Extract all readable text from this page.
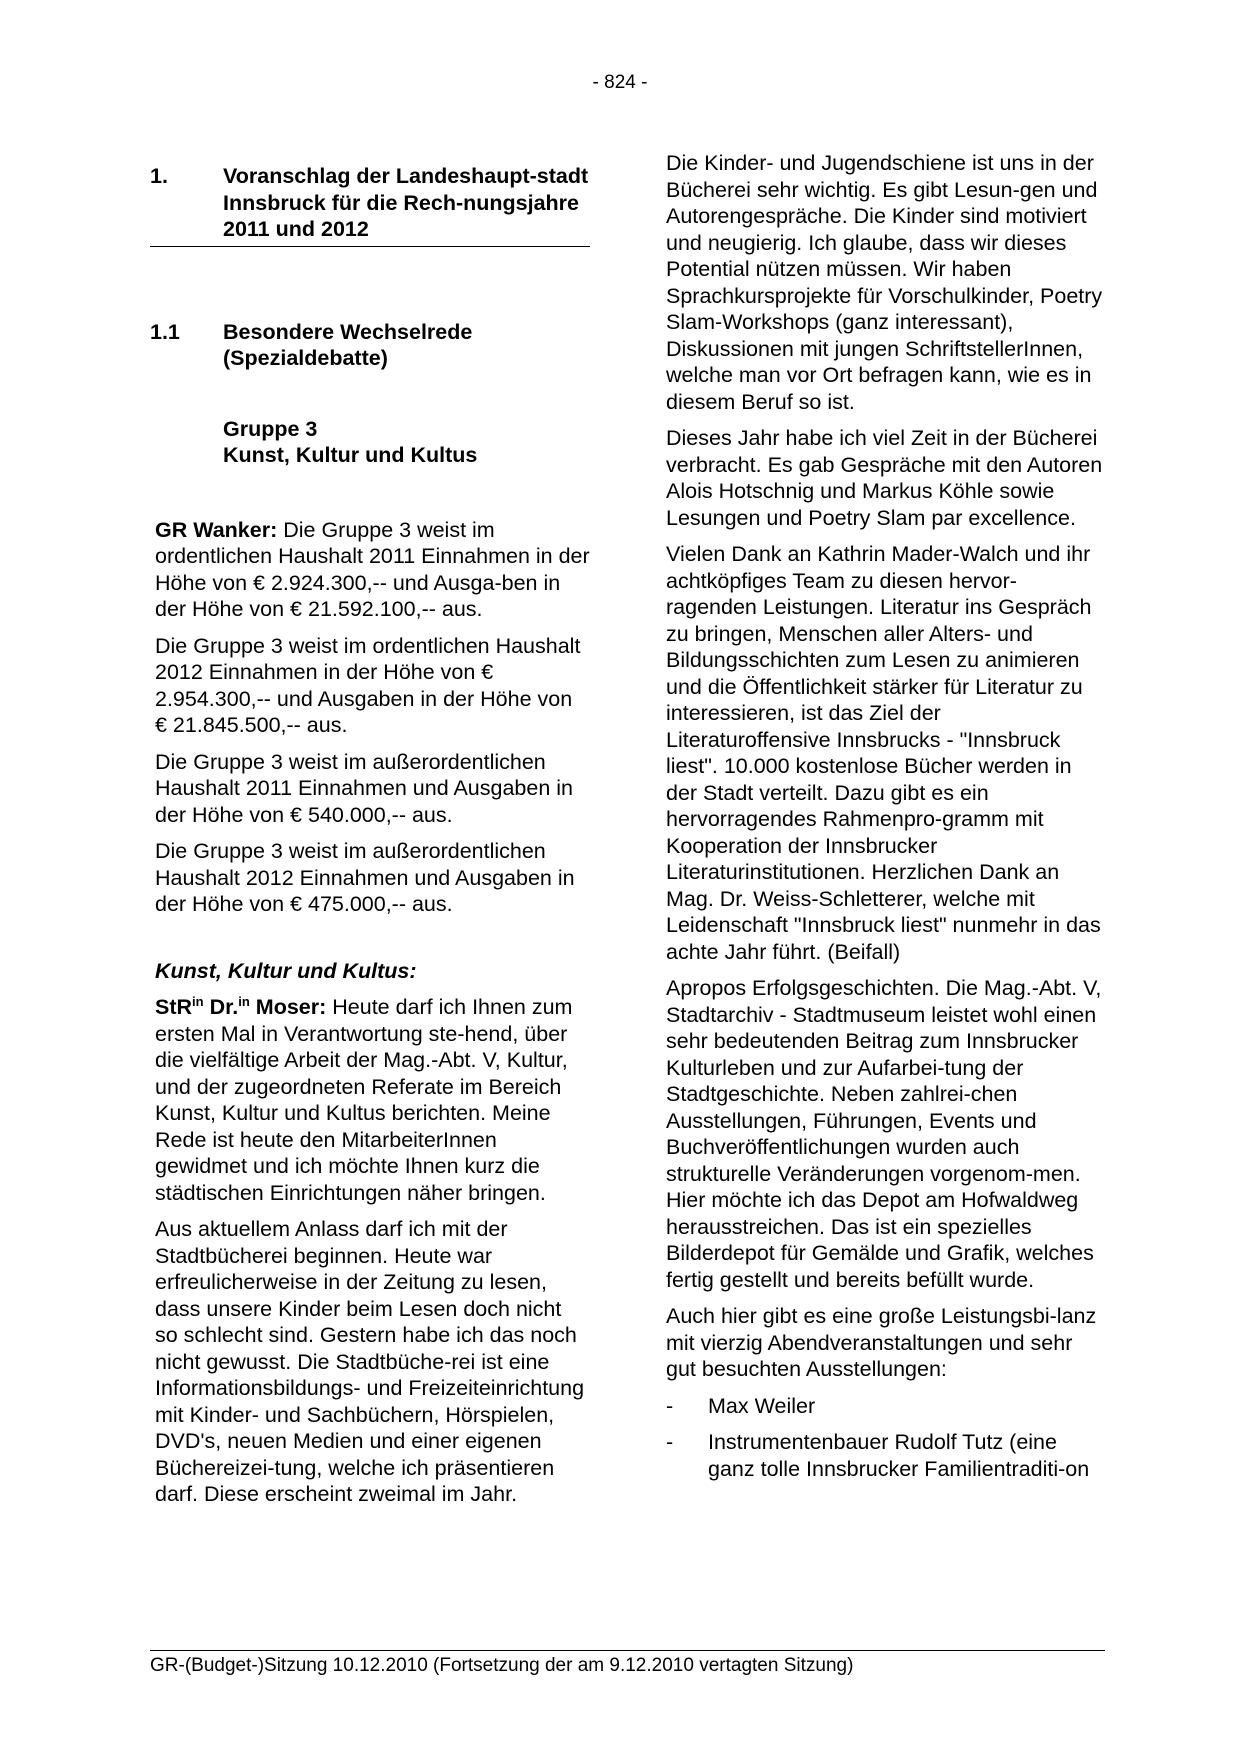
- 824 -
1.	Voranschlag der Landeshaupt-stadt Innsbruck für die Rech-nungsjahre 2011 und 2012
1.1	Besondere Wechselrede
(Spezialdebatte)
Gruppe 3
Kunst, Kultur und Kultus

GR Wanker: Die Gruppe 3 weist im ordentlichen Haushalt 2011 Einnahmen in der Höhe von € 2.924.300,-- und Ausga-ben in der Höhe von € 21.592.100,-- aus.

Die Gruppe 3 weist im ordentlichen Haushalt 2012 Einnahmen in der Höhe von € 2.954.300,-- und Ausgaben in der Höhe von € 21.845.500,-- aus.

Die Gruppe 3 weist im außerordentlichen Haushalt 2011 Einnahmen und Ausgaben in der Höhe von € 540.000,-- aus.

Die Gruppe 3 weist im außerordentlichen Haushalt 2012 Einnahmen und Ausgaben in der Höhe von € 475.000,-- aus.

Kunst, Kultur und Kultus:

StR$^{in}$ Dr.$^{in}$ Moser: Heute darf ich Ihnen zum ersten Mal in Verantwortung ste-hend, über die vielfältige Arbeit der Mag.-Abt. V, Kultur, und der zugeordneten Referate im Bereich Kunst, Kultur und Kultus berichten. Meine Rede ist heute den MitarbeiterInnen gewidmet und ich möchte Ihnen kurz die städtischen Einrichtungen näher bringen.

Aus aktuellem Anlass darf ich mit der Stadtbücherei beginnen. Heute war erfreulicherweise in der Zeitung zu lesen, dass unsere Kinder beim Lesen doch nicht so schlecht sind. Gestern habe ich das noch nicht gewusst. Die Stadtbüche-rei ist eine Informationsbildungs- und Freizeiteinrichtung mit Kinder- und Sachbüchern, Hörspielen, DVD's, neuen Medien und einer eigenen Büchereizei-tung, welche ich präsentieren darf. Diese erscheint zweimal im Jahr.

Die Kinder- und Jugendschiene ist uns in der Bücherei sehr wichtig. Es gibt Lesun-gen und Autorengespräche. Die Kinder sind motiviert und neugierig. Ich glaube, dass wir dieses Potential nützen müssen. Wir haben Sprachkursprojekte für Vorschulkinder, Poetry Slam-Workshops (ganz interessant), Diskussionen mit jungen SchriftstellerInnen, welche man vor Ort befragen kann, wie es in diesem Beruf so ist.

Dieses Jahr habe ich viel Zeit in der Bücherei verbracht. Es gab Gespräche mit den Autoren Alois Hotschnig und Markus Köhle sowie Lesungen und Poetry Slam par excellence.

Vielen Dank an Kathrin Mader-Walch und ihr achtköpfiges Team zu diesen hervor-ragenden Leistungen. Literatur ins Gespräch zu bringen, Menschen aller Alters- und Bildungsschichten zum Lesen zu animieren und die Öffentlichkeit stärker für Literatur zu interessieren, ist das Ziel der Literaturoffensive Innsbrucks - "Innsbruck liest". 10.000 kostenlose Bücher werden in der Stadt verteilt. Dazu gibt es ein hervorragendes Rahmenpro-gramm mit Kooperation der Innsbrucker Literaturinstitutionen. Herzlichen Dank an Mag. Dr. Weiss-Schletterer, welche mit Leidenschaft "Innsbruck liest" nunmehr in das achte Jahr führt. (Beifall)

Apropos Erfolgsgeschichten. Die Mag.-Abt. V, Stadtarchiv - Stadtmuseum leistet wohl einen sehr bedeutenden Beitrag zum Innsbrucker Kulturleben und zur Aufarbei-tung der Stadtgeschichte. Neben zahlrei-chen Ausstellungen, Führungen, Events und Buchveröffentlichungen wurden auch strukturelle Veränderungen vorgenom-men. Hier möchte ich das Depot am Hofwaldweg herausstreichen. Das ist ein spezielles Bilderdepot für Gemälde und Grafik, welches fertig gestellt und bereits befüllt wurde.

Auch hier gibt es eine große Leistungsbi-lanz mit vierzig Abendveranstaltungen und sehr gut besuchten Ausstellungen:

-	Max Weiler
-	Instrumentenbauer Rudolf Tutz (eine ganz tolle Innsbrucker Familientraditi-on
GR-(Budget-)Sitzung 10.12.2010 (Fortsetzung der am 9.12.2010 vertagten Sitzung)
